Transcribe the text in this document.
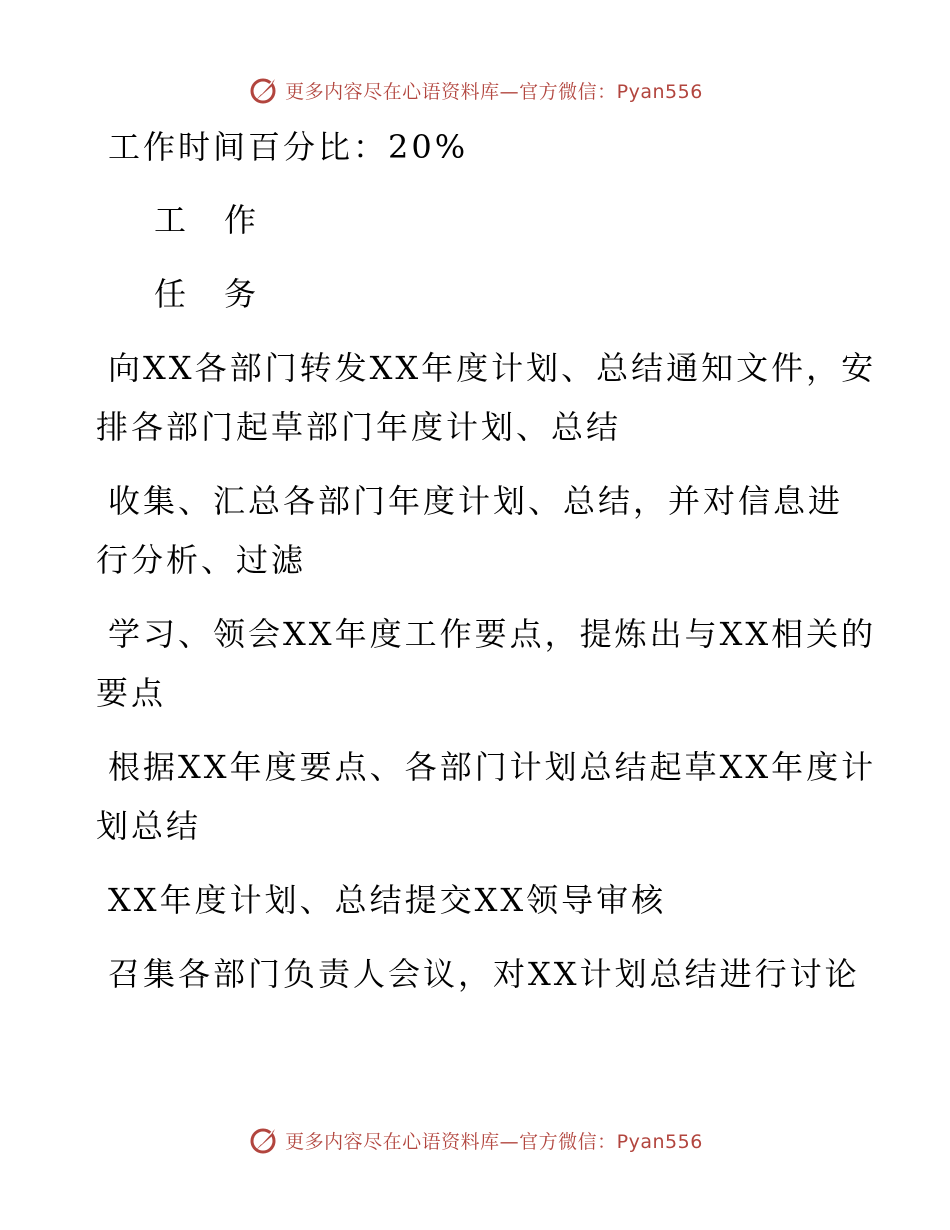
更多内容尽在心语资料库—官方微信：Pyan556
工作时间百分比：20%
工　作
任　务
向XX各部门转发XX年度计划、总结通知文件，安
排各部门起草部门年度计划、总结
收集、汇总各部门年度计划、总结，并对信息进
行分析、过滤
学习、领会XX年度工作要点，提炼出与XX相关的
要点
根据XX年度要点、各部门计划总结起草XX年度计
划总结
XX年度计划、总结提交XX领导审核
召集各部门负责人会议，对XX计划总结进行讨论
更多内容尽在心语资料库—官方微信：Pyan556
